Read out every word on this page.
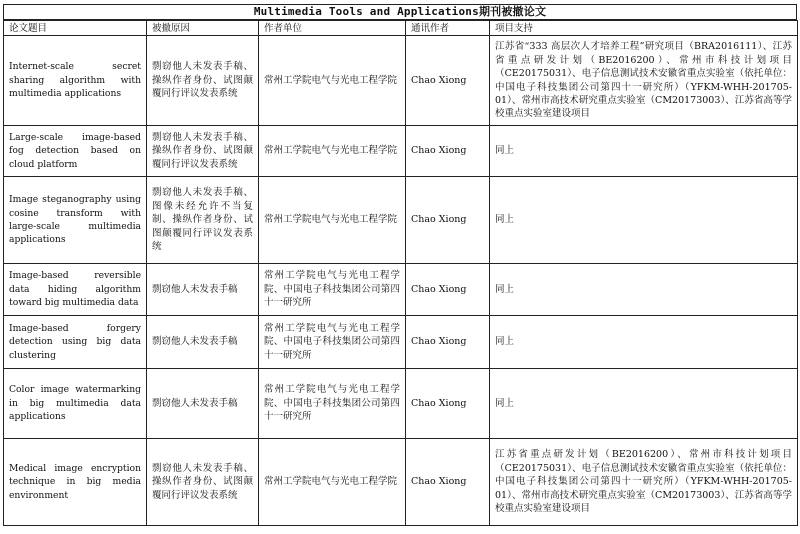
Multimedia Tools and Applications期刊被撤论文
论文题目	被撤原因	作者单位	通讯作者	项目支持
Internet-scale secret sharing algorithm with multimedia applications	剽窃他人未发表手稿、操纵作者身份、试图颠覆同行评议发表系统	常州工学院电气与光电工程学院	Chao Xiong	江苏省“333 高层次人才培养工程”研究项目（BRA2016111）、江苏省重点研发计划（BE2016200）、常州市科技计划项目（CE20175031）、电子信息测试技术安徽省重点实验室（依托单位：中国电子科技集团公司第四十一研究所）（YFKM-WHH-201705-01）、常州市高技术研究重点实验室（CM20173003）、江苏省高等学校重点实验室建设项目
Large-scale image-based fog detection based on cloud platform	剽窃他人未发表手稿、操纵作者身份、试图颠覆同行评议发表系统	常州工学院电气与光电工程学院	Chao Xiong	同上
Image steganography using cosine transform with large-scale multimedia applications	剽窃他人未发表手稿、图像未经允许不当复制、操纵作者身份、试图颠覆同行评议发表系统	常州工学院电气与光电工程学院	Chao Xiong	同上
Image-based reversible data hiding algorithm toward big multimedia data	剽窃他人未发表手稿	常州工学院电气与光电工程学院、中国电子科技集团公司第四十一研究所	Chao Xiong	同上
Image-based forgery detection using big data clustering	剽窃他人未发表手稿	常州工学院电气与光电工程学院、中国电子科技集团公司第四十一研究所	Chao Xiong	同上
Color image watermarking in big multimedia data applications	剽窃他人未发表手稿	常州工学院电气与光电工程学院、中国电子科技集团公司第四十一研究所	Chao Xiong	同上
Medical image encryption technique in big media environment	剽窃他人未发表手稿、操纵作者身份、试图颠覆同行评议发表系统	常州工学院电气与光电工程学院	Chao Xiong	江苏省重点研发计划（BE2016200）、常州市科技计划项目（CE20175031）、电子信息测试技术安徽省重点实验室（依托单位：中国电子科技集团公司第四十一研究所）（YFKM-WHH-201705-01）、常州市高技术研究重点实验室（CM20173003）、江苏省高等学校重点实验室建设项目
